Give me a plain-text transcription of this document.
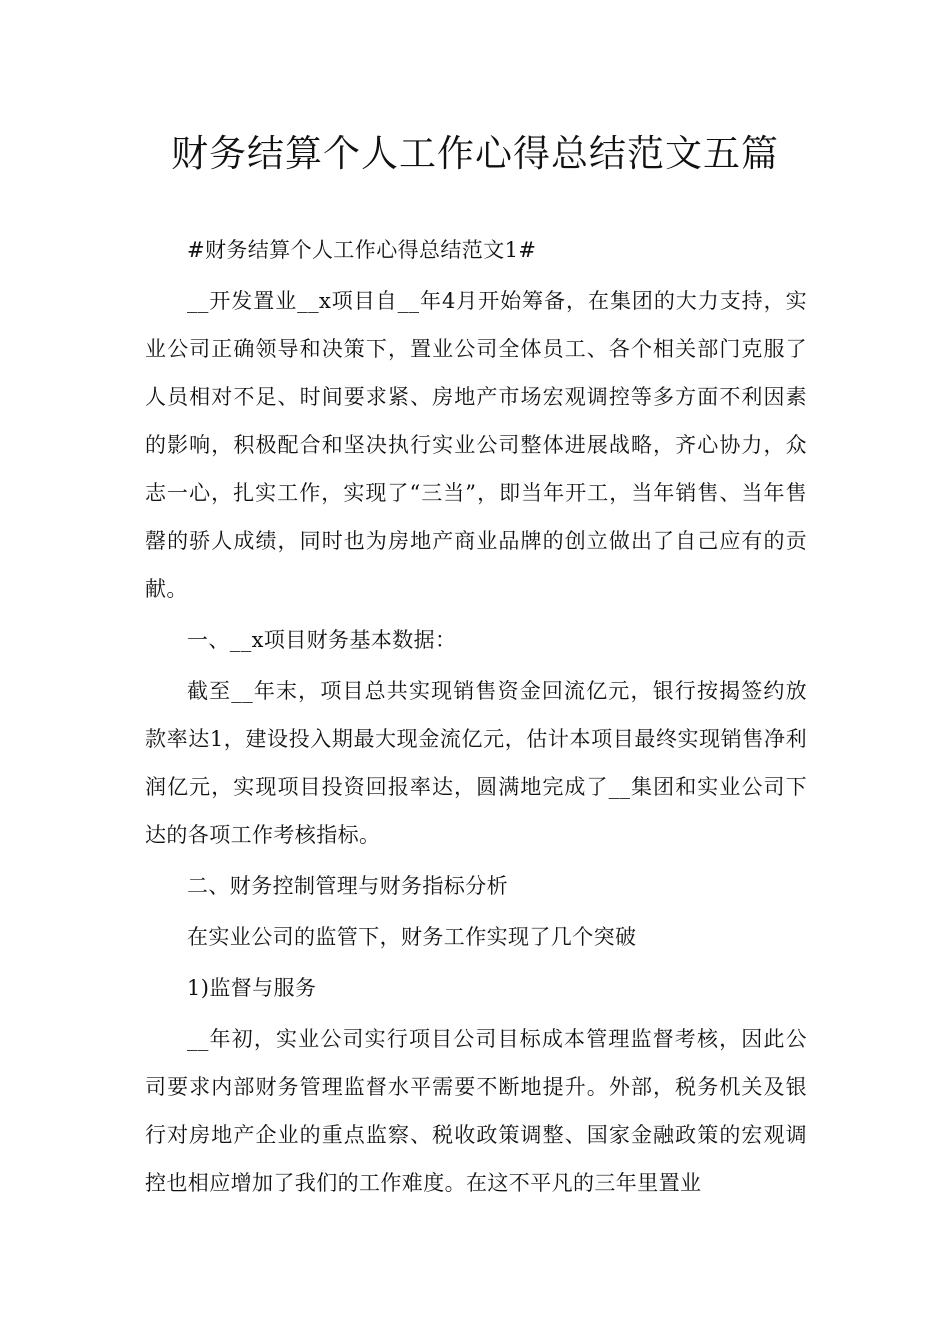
财务结算个人工作心得总结范文五篇

#财务结算个人工作心得总结范文1#

__开发置业__x项目自__年4月开始筹备，在集团的大力支持，实业公司正确领导和决策下，置业公司全体员工、各个相关部门克服了人员相对不足、时间要求紧、房地产市场宏观调控等多方面不利因素的影响，积极配合和坚决执行实业公司整体进展战略，齐心协力，众志一心，扎实工作，实现了“三当”，即当年开工，当年销售、当年售罄的骄人成绩，同时也为房地产商业品牌的创立做出了自己应有的贡献。

一、__x项目财务基本数据：

截至__年末，项目总共实现销售资金回流亿元，银行按揭签约放款率达1，建设投入期最大现金流亿元，估计本项目最终实现销售净利润亿元，实现项目投资回报率达，圆满地完成了__集团和实业公司下达的各项工作考核指标。

二、财务控制管理与财务指标分析

在实业公司的监管下，财务工作实现了几个突破

1)监督与服务

__年初，实业公司实行项目公司目标成本管理监督考核，因此公司要求内部财务管理监督水平需要不断地提升。外部，税务机关及银行对房地产企业的重点监察、税收政策调整、国家金融政策的宏观调控也相应增加了我们的工作难度。在这不平凡的三年里置业
